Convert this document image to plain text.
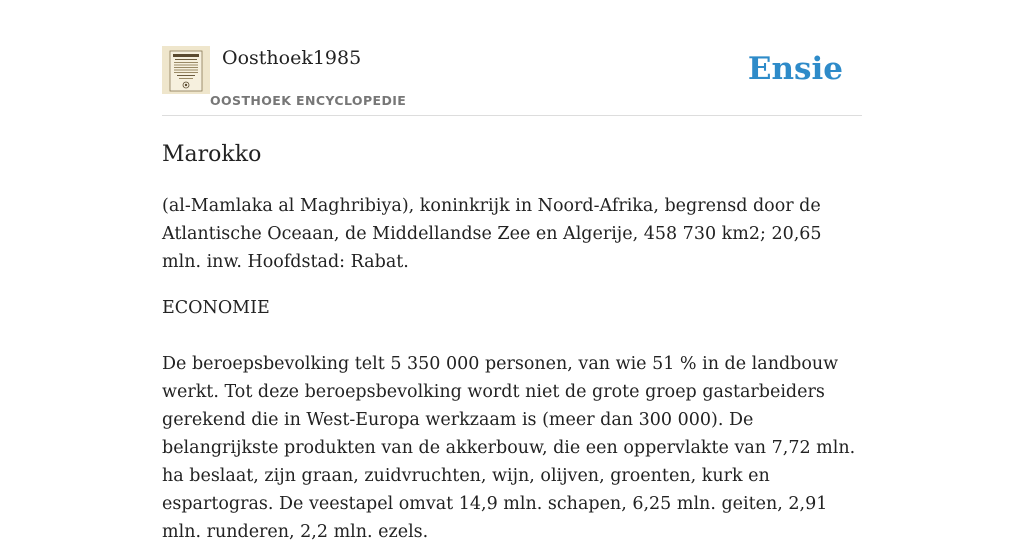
Oosthoek1985
OOSTHOEK ENCYCLOPEDIE
Ensie
Marokko

(al-Mamlaka al Maghribiya), koninkrijk in Noord-Afrika, begrensd door de Atlantische Oceaan, de Middellandse Zee en Algerije, 458 730 km2; 20,65 mln. inw. Hoofdstad: Rabat.

ECONOMIE

De beroepsbevolking telt 5 350 000 personen, van wie 51 % in de landbouw werkt. Tot deze beroepsbevolking wordt niet de grote groep gastarbeiders gerekend die in West-Europa werkzaam is (meer dan 300 000). De belangrijkste produkten van de akkerbouw, die een oppervlakte van 7,72 mln. ha beslaat, zijn graan, zuidvruchten, wijn, olijven, groenten, kurk en espartogras. De veestapel omvat 14,9 mln. schapen, 6,25 mln. geiten, 2,91 mln. runderen, 2,2 mln. ezels.
